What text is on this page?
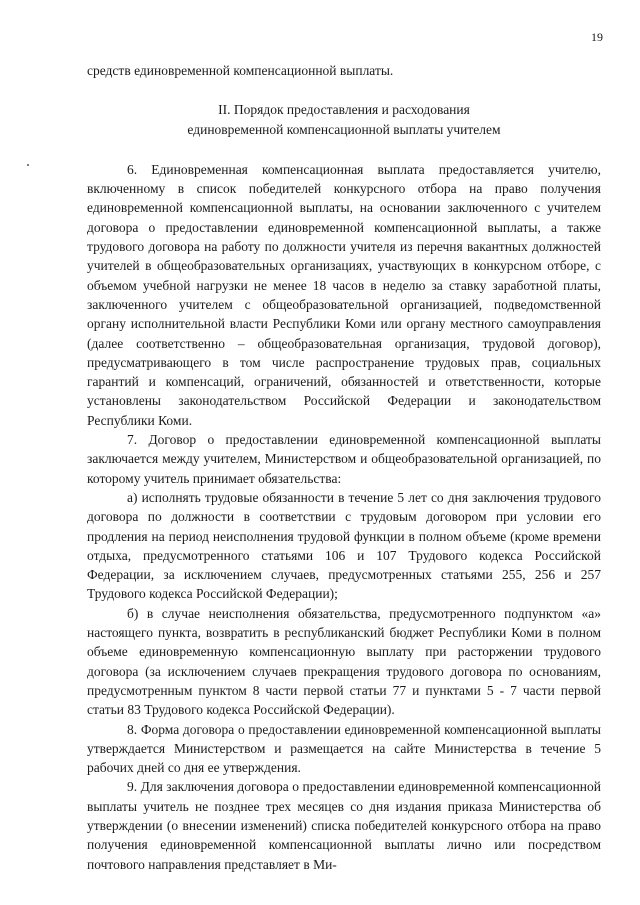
19

средств единовременной компенсационной выплаты.

II. Порядок предоставления и расходования
единовременной компенсационной выплаты учителем

6. Единовременная компенсационная выплата предоставляется учителю, включенному в список победителей конкурсного отбора на право получения единовременной компенсационной выплаты, на основании заключенного с учителем договора о предоставлении единовременной компенсационной выплаты, а также трудового договора на работу по должности учителя из перечня вакантных должностей учителей в общеобразовательных организациях, участвующих в конкурсном отборе, с объемом учебной нагрузки не менее 18 часов в неделю за ставку заработной платы, заключенного учителем с общеобразовательной организацией, подведомственной органу исполнительной власти Республики Коми или органу местного самоуправления (далее соответственно – общеобразовательная организация, трудовой договор), предусматривающего в том числе распространение трудовых прав, социальных гарантий и компенсаций, ограничений, обязанностей и ответственности, которые установлены законодательством Российской Федерации и законодательством Республики Коми.

7. Договор о предоставлении единовременной компенсационной выплаты заключается между учителем, Министерством и общеобразовательной организацией, по которому учитель принимает обязательства:

а) исполнять трудовые обязанности в течение 5 лет со дня заключения трудового договора по должности в соответствии с трудовым договором при условии его продления на период неисполнения трудовой функции в полном объеме (кроме времени отдыха, предусмотренного статьями 106 и 107 Трудового кодекса Российской Федерации, за исключением случаев, предусмотренных статьями 255, 256 и 257 Трудового кодекса Российской Федерации);

б) в случае неисполнения обязательства, предусмотренного подпунктом «а» настоящего пункта, возвратить в республиканский бюджет Республики Коми в полном объеме единовременную компенсационную выплату при расторжении трудового договора (за исключением случаев прекращения трудового договора по основаниям, предусмотренным пунктом 8 части первой статьи 77 и пунктами 5 - 7 части первой статьи 83 Трудового кодекса Российской Федерации).

8. Форма договора о предоставлении единовременной компенсационной выплаты утверждается Министерством и размещается на сайте Министерства в течение 5 рабочих дней со дня ее утверждения.

9. Для заключения договора о предоставлении единовременной компенсационной выплаты учитель не позднее трех месяцев со дня издания приказа Министерства об утверждении (о внесении изменений) списка победителей конкурсного отбора на право получения единовременной компенсационной выплаты лично или посредством почтового направления представляет в Ми-
